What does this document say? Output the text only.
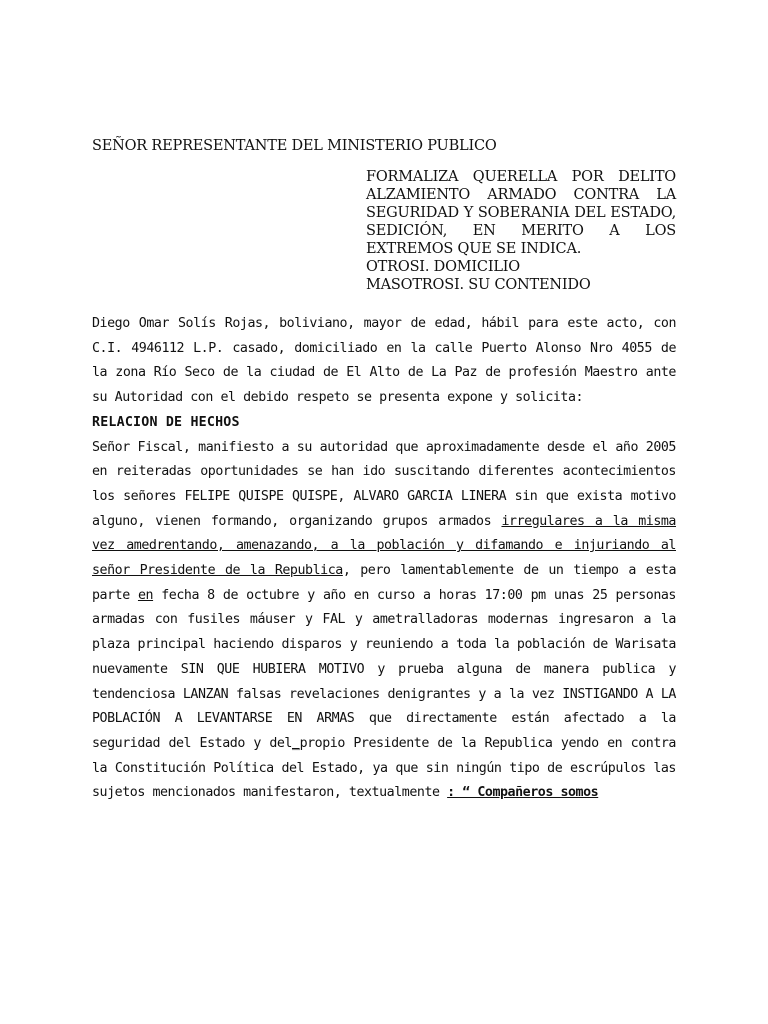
SEÑOR REPRESENTANTE DEL MINISTERIO PUBLICO
FORMALIZA QUERELLA POR DELITO ALZAMIENTO ARMADO CONTRA LA SEGURIDAD Y SOBERANIA DEL ESTADO, SEDICIÓN, EN MERITO A LOS EXTREMOS QUE SE INDICA.
OTROSI. DOMICILIO
MASOTROSI. SU CONTENIDO

Diego Omar Solís Rojas, boliviano, mayor de edad, hábil para este acto, con C.I. 4946112 L.P. casado, domiciliado en la calle Puerto Alonso Nro 4055 de la zona Río Seco de la ciudad de El Alto de La Paz de profesión Maestro ante su Autoridad con el debido respeto se presenta expone y solicita:

RELACION DE HECHOS

Señor Fiscal, manifiesto a su autoridad que aproximadamente desde el año 2005 en reiteradas oportunidades se han ido suscitando diferentes acontecimientos los señores FELIPE QUISPE QUISPE, ALVARO GARCIA LINERA sin que exista motivo alguno, vienen formando, organizando grupos armados irregulares a la misma vez amedrentando, amenazando, a la población y difamando e injuriando al señor Presidente de la Republica, pero lamentablemente de un tiempo a esta parte en fecha 8 de octubre y año en curso a horas 17:00 pm unas 25 personas armadas con fusiles máuser y FAL y ametralladoras modernas ingresaron a la plaza principal haciendo disparos y reuniendo a toda la población de Warisata nuevamente SIN QUE HUBIERA MOTIVO y prueba alguna de manera publica y tendenciosa LANZAN falsas revelaciones denigrantes y a la vez INSTIGANDO A LA POBLACIÓN A LEVANTARSE EN ARMAS que directamente están afectado a la seguridad del Estado y del_propio Presidente de la Republica yendo en contra la Constitución Política del Estado, ya que sin ningún tipo de escrúpulos las sujetos mencionados manifestaron, textualmente : “ Compañeros somos
